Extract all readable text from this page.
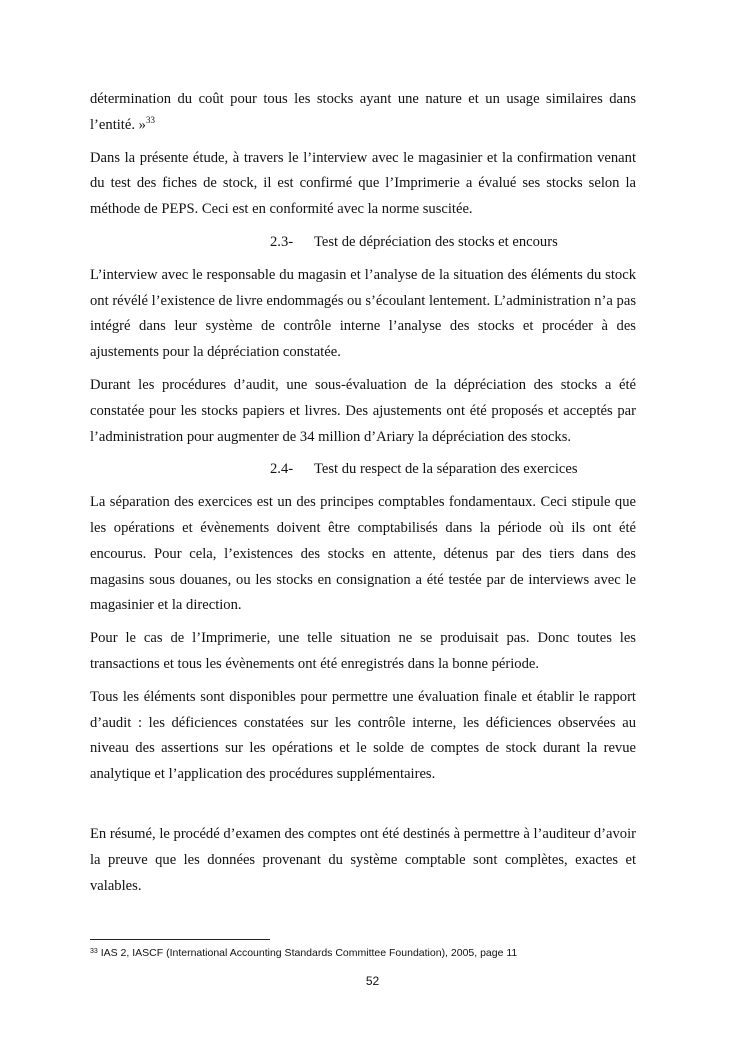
détermination du coût pour tous les stocks ayant une nature et un usage similaires dans l’entité. »$^{33}$

Dans la présente étude, à travers le l’interview avec le magasinier et la confirmation venant du test des fiches de stock, il est confirmé que l’Imprimerie a évalué ses stocks selon la méthode de PEPS. Ceci est en conformité avec la norme suscitée.

2.3- Test de dépréciation des stocks et encours

L’interview avec le responsable du magasin et l’analyse de la situation des éléments du stock ont révélé l’existence de livre endommagés ou s’écoulant lentement. L’administration n’a pas intégré dans leur système de contrôle interne l’analyse des stocks et procéder à des ajustements pour la dépréciation constatée.

Durant les procédures d’audit, une sous-évaluation de la dépréciation des stocks a été constatée pour les stocks papiers et livres. Des ajustements ont été proposés et acceptés par l’administration pour augmenter de 34 million d’Ariary la dépréciation des stocks.

2.4- Test du respect de la séparation des exercices

La séparation des exercices est un des principes comptables fondamentaux. Ceci stipule que les opérations et évènements doivent être comptabilisés dans la période où ils ont été encourus. Pour cela, l’existences des stocks en attente, détenus par des tiers dans des magasins sous douanes, ou les stocks en consignation a été testée par de interviews avec le magasinier et la direction.

Pour le cas de l’Imprimerie, une telle situation ne se produisait pas. Donc toutes les transactions et tous les évènements ont été enregistrés dans la bonne période.

Tous les éléments sont disponibles pour permettre une évaluation finale et établir le rapport d’audit : les déficiences constatées sur les contrôle interne, les déficiences observées au niveau des assertions sur les opérations et le solde de comptes de stock durant la revue analytique et l’application des procédures supplémentaires.

En résumé, le procédé d’examen des comptes ont été destinés à permettre à l’auditeur d’avoir la preuve que les données provenant du système comptable sont complètes, exactes et valables.

$^{33}$ IAS 2, IASCF (International Accounting Standards Committee Foundation), 2005, page 11
52
